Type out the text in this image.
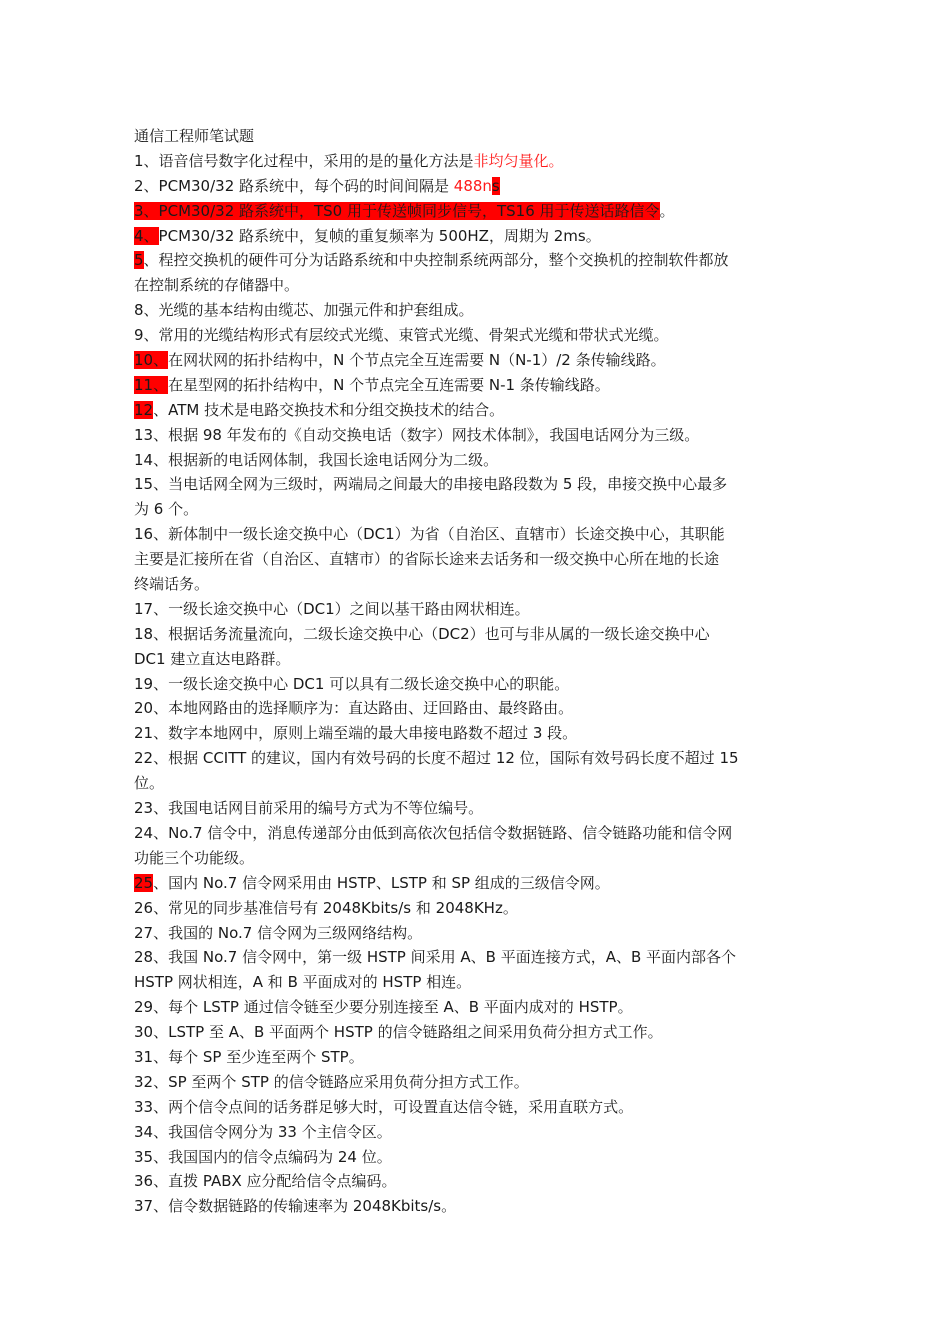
通信工程师笔试题
1、语音信号数字化过程中，采用的是的量化方法是非均匀量化。
2、PCM30/32 路系统中，每个码的时间间隔是 488ns
3、PCM30/32 路系统中，TS0 用于传送帧同步信号，TS16 用于传送话路信令。
4、PCM30/32 路系统中，复帧的重复频率为 500HZ，周期为 2ms。
5、程控交换机的硬件可分为话路系统和中央控制系统两部分，整个交换机的控制软件都放
在控制系统的存储器中。
8、光缆的基本结构由缆芯、加强元件和护套组成。
9、常用的光缆结构形式有层绞式光缆、束管式光缆、骨架式光缆和带状式光缆。
10、在网状网的拓扑结构中，N 个节点完全互连需要 N（N-1）/2 条传输线路。
11、在星型网的拓扑结构中，N 个节点完全互连需要 N-1 条传输线路。
12、ATM 技术是电路交换技术和分组交换技术的结合。
13、根据 98 年发布的《自动交换电话（数字）网技术体制》，我国电话网分为三级。
14、根据新的电话网体制，我国长途电话网分为二级。
15、当电话网全网为三级时，两端局之间最大的串接电路段数为 5 段，串接交换中心最多
为 6 个。
16、新体制中一级长途交换中心（DC1）为省（自治区、直辖市）长途交换中心，其职能
主要是汇接所在省（自治区、直辖市）的省际长途来去话务和一级交换中心所在地的长途
终端话务。
17、一级长途交换中心（DC1）之间以基干路由网状相连。
18、根据话务流量流向，二级长途交换中心（DC2）也可与非从属的一级长途交换中心
DC1 建立直达电路群。
19、一级长途交换中心 DC1 可以具有二级长途交换中心的职能。
20、本地网路由的选择顺序为：直达路由、迂回路由、最终路由。
21、数字本地网中，原则上端至端的最大串接电路数不超过 3 段。
22、根据 CCITT 的建议，国内有效号码的长度不超过 12 位，国际有效号码长度不超过 15
位。
23、我国电话网目前采用的编号方式为不等位编号。
24、No.7 信令中，消息传递部分由低到高依次包括信令数据链路、信令链路功能和信令网
功能三个功能级。
25、国内 No.7 信令网采用由 HSTP、LSTP 和 SP 组成的三级信令网。
26、常见的同步基准信号有 2048Kbits/s 和 2048KHz。
27、我国的 No.7 信令网为三级网络结构。
28、我国 No.7 信令网中，第一级 HSTP 间采用 A、B 平面连接方式，A、B 平面内部各个
HSTP 网状相连，A 和 B 平面成对的 HSTP 相连。
29、每个 LSTP 通过信令链至少要分别连接至 A、B 平面内成对的 HSTP。
30、LSTP 至 A、B 平面两个 HSTP 的信令链路组之间采用负荷分担方式工作。
31、每个 SP 至少连至两个 STP。
32、SP 至两个 STP 的信令链路应采用负荷分担方式工作。
33、两个信令点间的话务群足够大时，可设置直达信令链，采用直联方式。
34、我国信令网分为 33 个主信令区。
35、我国国内的信令点编码为 24 位。
36、直拨 PABX 应分配给信令点编码。
37、信令数据链路的传输速率为 2048Kbits/s。
